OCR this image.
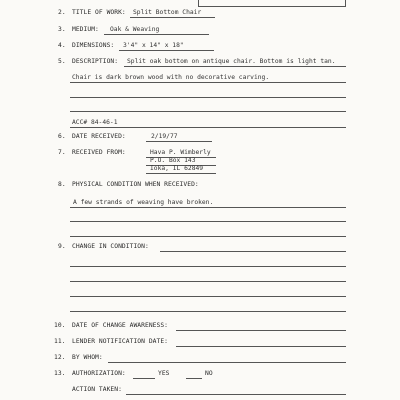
2. TITLE OF WORK: Split Bottom Chair
3. MEDIUM: Oak & Weaving
4. DIMENSIONS: 3'4" x 14" x 18"
5. DESCRIPTION: Split oak bottom on antique chair. Bottom is light tan.
Chair is dark brown wood with no decorative carving.
ACC# 84-46-1
6. DATE RECEIVED:	2/19/77
7. RECEIVED FROM:	Hava P. Wimberly
P.O. Box 143
Ioka, IL 62849
8. PHYSICAL CONDITION WHEN RECEIVED:
A few strands of weaving have broken.
9. CHANGE IN CONDITION:
10. DATE OF CHANGE AWARENESS:
11. LENDER NOTIFICATION DATE:
12. BY WHOM:
13. AUTHORIZATION:	YES	NO
ACTION TAKEN:
